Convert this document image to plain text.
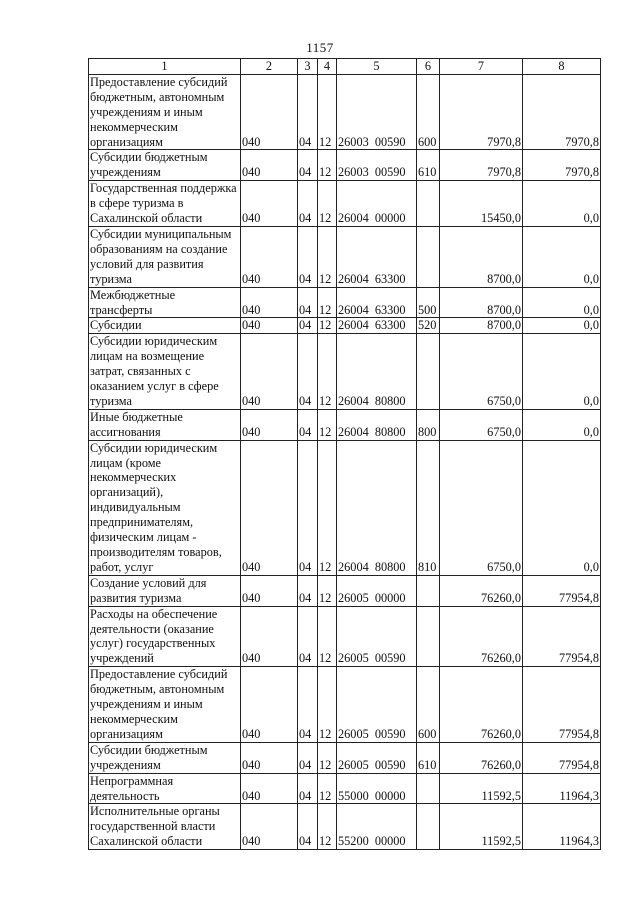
1157
1	2	3	4	5	6	7	8
Предоставление субсидий бюджетным, автономным учреждениям и иным некоммерческим организациям	040	04	12	26003 00590	600	7970,8	7970,8
Субсидии бюджетным учреждениям	040	04	12	26003 00590	610	7970,8	7970,8
Государственная поддержка в сфере туризма в Сахалинской области	040	04	12	26004 00000		15450,0	0,0
Субсидии муниципальным образованиям на создание условий для развития туризма	040	04	12	26004 63300		8700,0	0,0
Межбюджетные трансферты	040	04	12	26004 63300	500	8700,0	0,0
Субсидии	040	04	12	26004 63300	520	8700,0	0,0
Субсидии юридическим лицам на возмещение затрат, связанных с оказанием услуг в сфере туризма	040	04	12	26004 80800		6750,0	0,0
Иные бюджетные ассигнования	040	04	12	26004 80800	800	6750,0	0,0
Субсидии юридическим лицам (кроме некоммерческих организаций), индивидуальным предпринимателям, физическим лицам - производителям товаров, работ, услуг	040	04	12	26004 80800	810	6750,0	0,0
Создание условий для развития туризма	040	04	12	26005 00000		76260,0	77954,8
Расходы на обеспечение деятельности (оказание услуг) государственных учреждений	040	04	12	26005 00590		76260,0	77954,8
Предоставление субсидий бюджетным, автономным учреждениям и иным некоммерческим организациям	040	04	12	26005 00590	600	76260,0	77954,8
Субсидии бюджетным учреждениям	040	04	12	26005 00590	610	76260,0	77954,8
Непрограммная деятельность	040	04	12	55000 00000		11592,5	11964,3
Исполнительные органы государственной власти Сахалинской области	040	04	12	55200 00000		11592,5	11964,3
